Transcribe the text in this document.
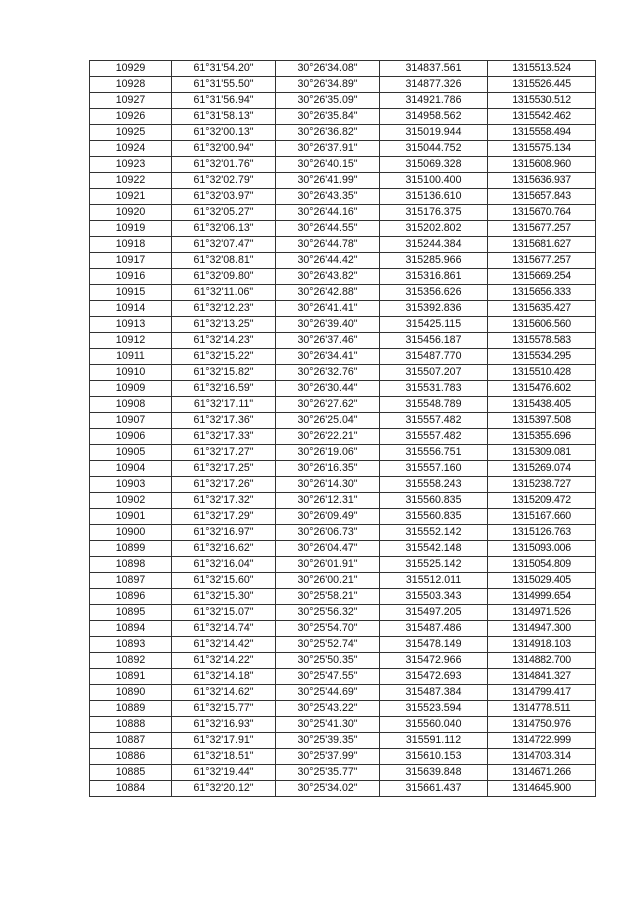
10929	61°31'54.20"	30°26'34.08"	314837.561	1315513.524
10928	61°31'55.50"	30°26'34.89"	314877.326	1315526.445
10927	61°31'56.94"	30°26'35.09"	314921.786	1315530.512
10926	61°31'58.13"	30°26'35.84"	314958.562	1315542.462
10925	61°32'00.13"	30°26'36.82"	315019.944	1315558.494
10924	61°32'00.94"	30°26'37.91"	315044.752	1315575.134
10923	61°32'01.76"	30°26'40.15"	315069.328	1315608.960
10922	61°32'02.79"	30°26'41.99"	315100.400	1315636.937
10921	61°32'03.97"	30°26'43.35"	315136.610	1315657.843
10920	61°32'05.27"	30°26'44.16"	315176.375	1315670.764
10919	61°32'06.13"	30°26'44.55"	315202.802	1315677.257
10918	61°32'07.47"	30°26'44.78"	315244.384	1315681.627
10917	61°32'08.81"	30°26'44.42"	315285.966	1315677.257
10916	61°32'09.80"	30°26'43.82"	315316.861	1315669.254
10915	61°32'11.06"	30°26'42.88"	315356.626	1315656.333
10914	61°32'12.23"	30°26'41.41"	315392.836	1315635.427
10913	61°32'13.25"	30°26'39.40"	315425.115	1315606.560
10912	61°32'14.23"	30°26'37.46"	315456.187	1315578.583
10911	61°32'15.22"	30°26'34.41"	315487.770	1315534.295
10910	61°32'15.82"	30°26'32.76"	315507.207	1315510.428
10909	61°32'16.59"	30°26'30.44"	315531.783	1315476.602
10908	61°32'17.11"	30°26'27.62"	315548.789	1315438.405
10907	61°32'17.36"	30°26'25.04"	315557.482	1315397.508
10906	61°32'17.33"	30°26'22.21"	315557.482	1315355.696
10905	61°32'17.27"	30°26'19.06"	315556.751	1315309.081
10904	61°32'17.25"	30°26'16.35"	315557.160	1315269.074
10903	61°32'17.26"	30°26'14.30"	315558.243	1315238.727
10902	61°32'17.32"	30°26'12.31"	315560.835	1315209.472
10901	61°32'17.29"	30°26'09.49"	315560.835	1315167.660
10900	61°32'16.97"	30°26'06.73"	315552.142	1315126.763
10899	61°32'16.62"	30°26'04.47"	315542.148	1315093.006
10898	61°32'16.04"	30°26'01.91"	315525.142	1315054.809
10897	61°32'15.60"	30°26'00.21"	315512.011	1315029.405
10896	61°32'15.30"	30°25'58.21"	315503.343	1314999.654
10895	61°32'15.07"	30°25'56.32"	315497.205	1314971.526
10894	61°32'14.74"	30°25'54.70"	315487.486	1314947.300
10893	61°32'14.42"	30°25'52.74"	315478.149	1314918.103
10892	61°32'14.22"	30°25'50.35"	315472.966	1314882.700
10891	61°32'14.18"	30°25'47.55"	315472.693	1314841.327
10890	61°32'14.62"	30°25'44.69"	315487.384	1314799.417
10889	61°32'15.77"	30°25'43.22"	315523.594	1314778.511
10888	61°32'16.93"	30°25'41.30"	315560.040	1314750.976
10887	61°32'17.91"	30°25'39.35"	315591.112	1314722.999
10886	61°32'18.51"	30°25'37.99"	315610.153	1314703.314
10885	61°32'19.44"	30°25'35.77"	315639.848	1314671.266
10884	61°32'20.12"	30°25'34.02"	315661.437	1314645.900
